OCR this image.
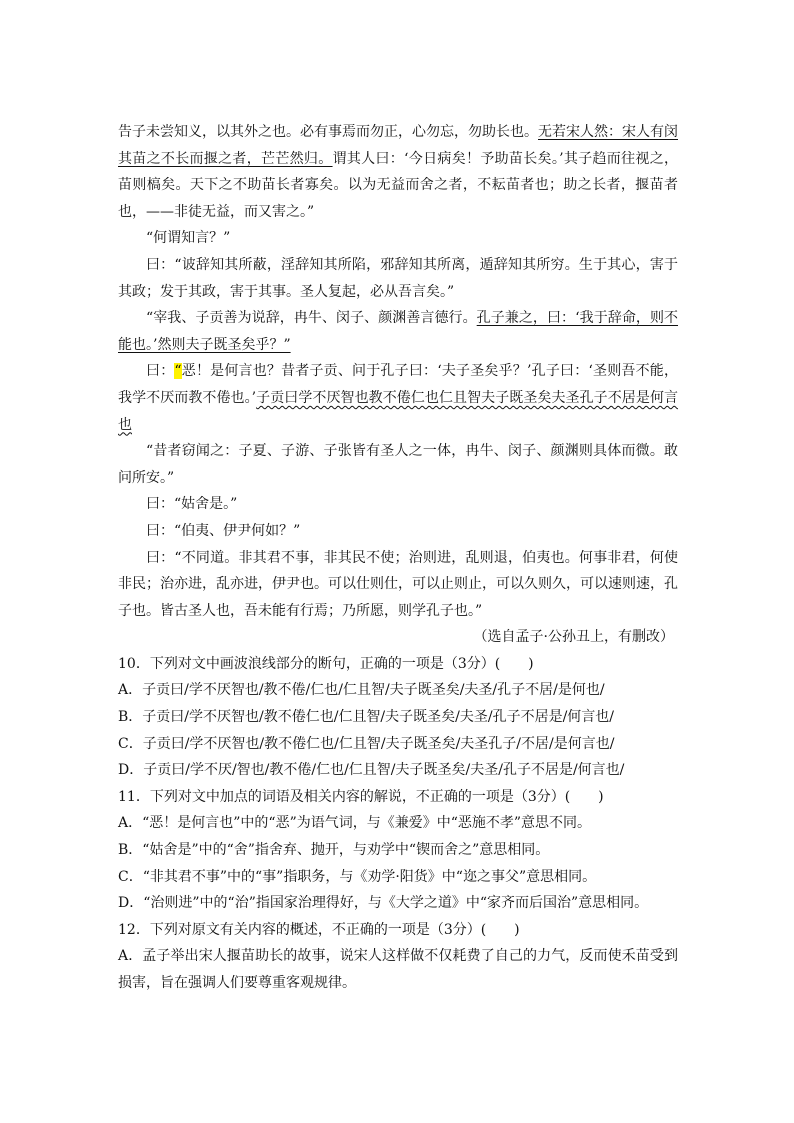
告子未尝知义，以其外之也。必有事焉而勿正，心勿忘，勿助长也。无若宋人然：宋人有闵其苗之不长而揠之者，芒芒然归。谓其人曰：‘今日病矣！予助苗长矣。’其子趋而往视之，苗则槁矣。天下之不助苗长者寡矣。以为无益而舍之者，不耘苗者也；助之长者，揠苗者也，——非徒无益，而又害之。”

“何谓知言？”

曰：“诐辞知其所蔽，淫辞知其所陷，邪辞知其所离，遁辞知其所穷。生于其心，害于其政；发于其政，害于其事。圣人复起，必从吾言矣。”

“宰我、子贡善为说辞，冉牛、闵子、颜渊善言德行。孔子兼之，曰：‘我于辞命，则不能也。’然则夫子既圣矣乎？”

曰：“恶！是何言也？昔者子贡、问于孔子曰：‘夫子圣矣乎？’孔子曰：‘圣则吾不能，我学不厌而教不倦也。’子贡曰学不厌智也教不倦仁也仁且智夫子既圣矣夫圣孔子不居是何言也

“昔者窃闻之：子夏、子游、子张皆有圣人之一体，冉牛、闵子、颜渊则具体而微。敢问所安。”

曰：“姑舍是。”

曰：“伯夷、伊尹何如？”

曰：“不同道。非其君不事，非其民不使；治则进，乱则退，伯夷也。何事非君，何使非民；治亦进，乱亦进，伊尹也。可以仕则仕，可以止则止，可以久则久，可以速则速，孔子也。皆古圣人也，吾未能有行焉；乃所愿，则学孔子也。”

（选自孟子·公孙丑上，有删改）

10．下列对文中画波浪线部分的断句，正确的一项是（3分）(　　)

A．子贡曰/学不厌智也/教不倦/仁也/仁且智/夫子既圣矣/夫圣/孔子不居/是何也/

B．子贡曰/学不厌智也/教不倦仁也/仁且智/夫子既圣矣/夫圣/孔子不居是/何言也/

C．子贡曰/学不厌智也/教不倦仁也/仁且智/夫子既圣矣/夫圣孔子/不居/是何言也/

D．子贡曰/学不厌/智也/教不倦/仁也/仁且智/夫子既圣矣/夫圣/孔子不居是/何言也/

11．下列对文中加点的词语及相关内容的解说，不正确的一项是（3分）(　　)

A．“恶！是何言也”中的“恶”为语气词，与《兼爱》中“恶施不孝”意思不同。

B．“姑舍是”中的“舍”指舍弃、抛开，与劝学中“锲而舍之”意思相同。

C．“非其君不事”中的“事”指职务，与《劝学·阳货》中“迩之事父”意思相同。

D．“治则进”中的“治”指国家治理得好，与《大学之道》中“家齐而后国治”意思相同。

12．下列对原文有关内容的概述，不正确的一项是（3分）(　　)

A．孟子举出宋人揠苗助长的故事，说宋人这样做不仅耗费了自己的力气，反而使禾苗受到损害，旨在强调人们要尊重客观规律。
